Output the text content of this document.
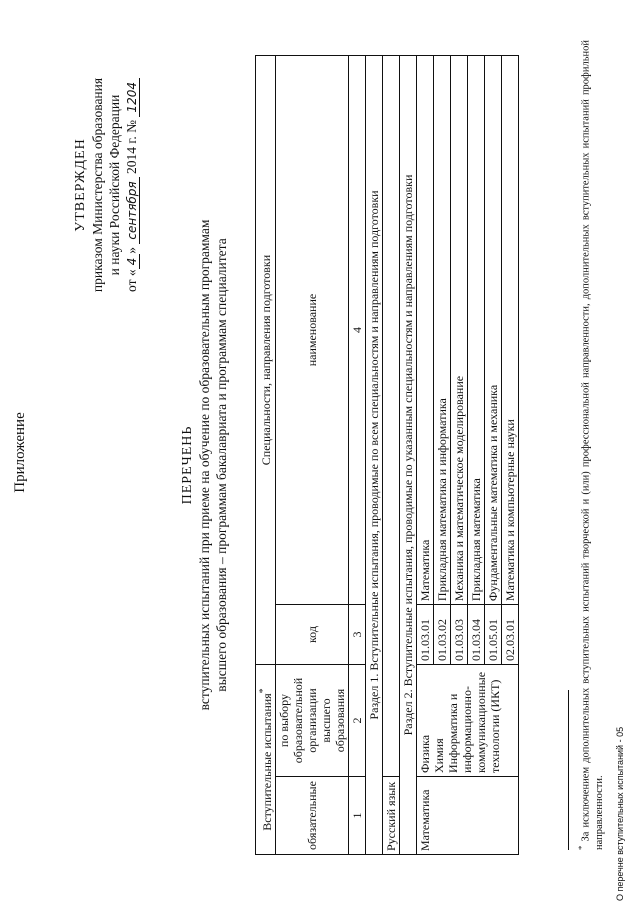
Приложение
УТВЕРЖДЕН приказом Министерства образования и науки Российской Федерации
от «4» сентября 2014 г. № 1204
ПЕРЕЧЕНЬ вступительных испытаний при приеме на обучение по образовательным программам высшего образования – программам бакалавриата и программам специалитета
Вступительные испытания*		Специальности, направления подготовки	
обязательные	по выбору образовательной организации высшего образования	код	наименование
1	2	3	4
Раздел 1. Вступительные испытания, проводимые по всем специальностям и направлениям подготовки			
Русский язык			
Раздел 2. Вступительные испытания, проводимые по указанным специальностям и направлениям подготовки			
Математика	Физика Химия Информатика и информационно-коммуникационные технологии (ИКТ)	01.03.01	Математика
		01.03.02	Прикладная математика и информатика
		01.03.03	Механика и математическое моделирование
		01.03.04	Прикладная математика
		01.05.01	Фундаментальные математика и механика
		02.03.01	Математика и компьютерные науки
* За исключением дополнительных вступительных испытаний творческой и (или) профессиональной направленности, дополнительных вступительных испытаний профильной направленности. О перечне вступительных испытаний - 05
